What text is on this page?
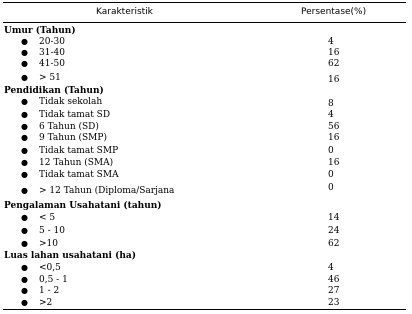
Karakteristik	Persentase(%)
Umur (Tahun)
● 20-30	4
● 31-40	16
● 41-50	62
● > 51	16
Pendidikan (Tahun)
● Tidak sekolah	8
● Tidak tamat SD	4
● 6 Tahun (SD)	56
● 9 Tahun (SMP)	16
● Tidak tamat SMP	0
● 12 Tahun (SMA)	16
● Tidak tamat SMA	0
● > 12 Tahun (Diploma/Sarjana	0
Pengalaman Usahatani (tahun)
● < 5	14
● 5 - 10	24
● >10	62
Luas lahan usahatani (ha)
● <0,5	4
● 0,5 - 1	46
● 1 - 2	27
● >2	23
